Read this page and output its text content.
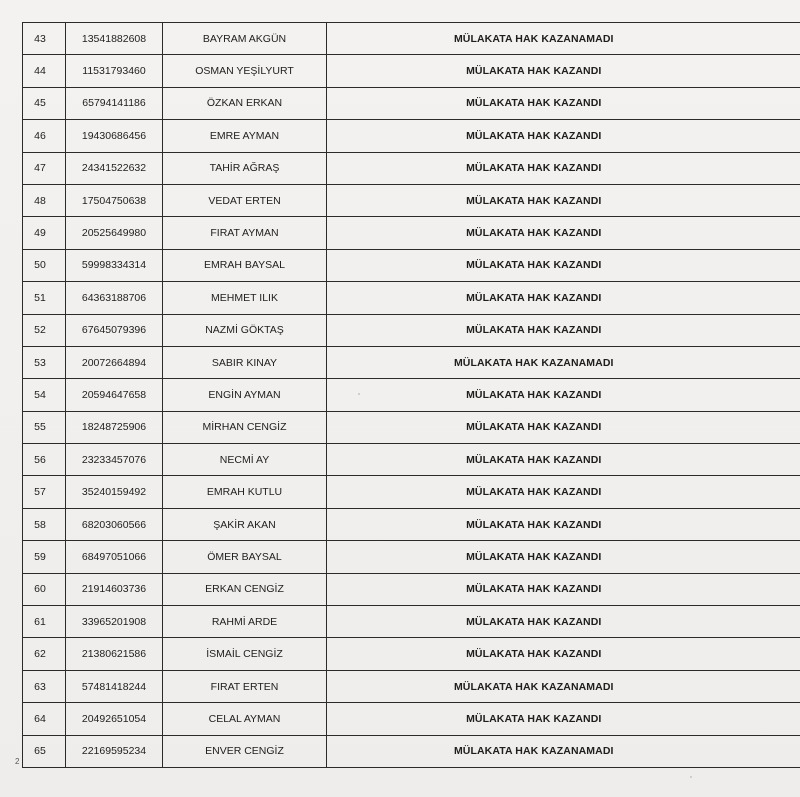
43	13541882608	BAYRAM AKGÜN	MÜLAKATA HAK KAZANAMADI
44	11531793460	OSMAN YEŞİLYURT	MÜLAKATA HAK KAZANDI
45	65794141186	ÖZKAN ERKAN	MÜLAKATA HAK KAZANDI
46	19430686456	EMRE AYMAN	MÜLAKATA HAK KAZANDI
47	24341522632	TAHİR AĞRAŞ	MÜLAKATA HAK KAZANDI
48	17504750638	VEDAT ERTEN	MÜLAKATA HAK KAZANDI
49	20525649980	FIRAT AYMAN	MÜLAKATA HAK KAZANDI
50	59998334314	EMRAH BAYSAL	MÜLAKATA HAK KAZANDI
51	64363188706	MEHMET ILIK	MÜLAKATA HAK KAZANDI
52	67645079396	NAZMİ GÖKTAŞ	MÜLAKATA HAK KAZANDI
53	20072664894	SABIR KINAY	MÜLAKATA HAK KAZANAMADI
54	20594647658	ENGİN AYMAN	MÜLAKATA HAK KAZANDI
55	18248725906	MİRHAN CENGİZ	MÜLAKATA HAK KAZANDI
56	23233457076	NECMİ AY	MÜLAKATA HAK KAZANDI
57	35240159492	EMRAH KUTLU	MÜLAKATA HAK KAZANDI
58	68203060566	ŞAKİR AKAN	MÜLAKATA HAK KAZANDI
59	68497051066	ÖMER BAYSAL	MÜLAKATA HAK KAZANDI
60	21914603736	ERKAN CENGİZ	MÜLAKATA HAK KAZANDI
61	33965201908	RAHMİ ARDE	MÜLAKATA HAK KAZANDI
62	21380621586	İSMAİL CENGİZ	MÜLAKATA HAK KAZANDI
63	57481418244	FIRAT ERTEN	MÜLAKATA HAK KAZANAMADI
64	20492651054	CELAL AYMAN	MÜLAKATA HAK KAZANDI
65	22169595234	ENVER CENGİZ	MÜLAKATA HAK KAZANAMADI
2
